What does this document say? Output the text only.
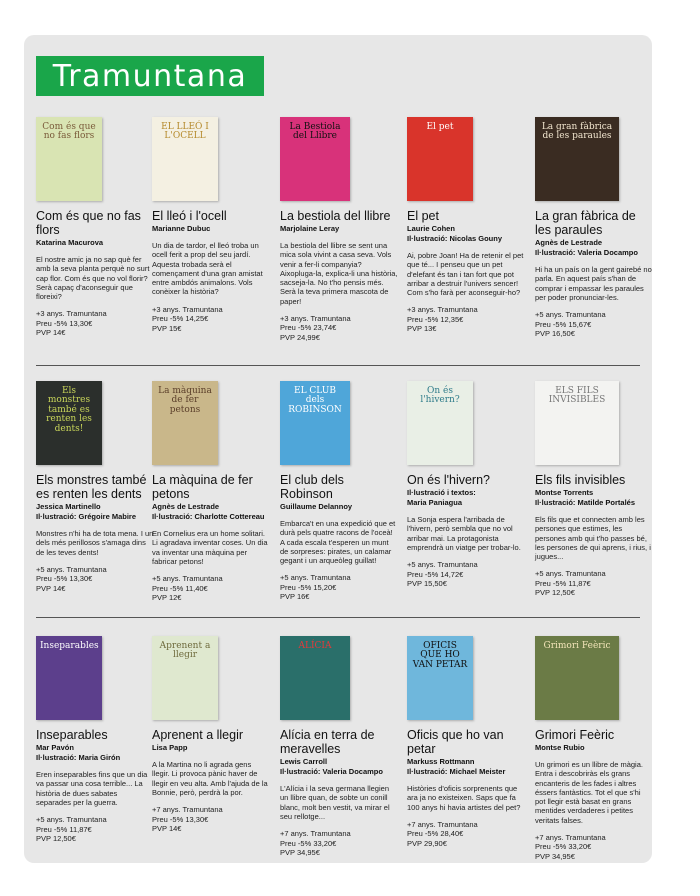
Tramuntana
Com és que no fas flors
Com és que no fas flors
Katarina Macurova
El nostre amic ja no sap què fer amb la seva planta perquè no surt cap flor. Com és que no vol florir? Serà capaç d'aconseguir que floreixi?
+3 anys. Tramuntana
Preu -5% 13,30€
PVP 14€
EL LLEÓ I L'OCELL
El lleó i l'ocell
Marianne Dubuc
Un dia de tardor, el lleó troba un ocell ferit a prop del seu jardí. Aquesta trobada serà el començament d'una gran amistat entre ambdós animalons. Vols conèixer la història?
+3 anys. Tramuntana
Preu -5% 14,25€
PVP 15€
La Bestiola del Llibre
La bestiola del llibre
Marjolaine Leray
La bestiola del llibre se sent una mica sola vivint a casa seva. Vols venir a fer-li companyia? Aixopluga-la, explica-li una història, sacseja-la. No t'ho pensis més. Serà la teva primera mascota de paper!
+3 anys. Tramuntana
Preu -5% 23,74€
PVP 24,99€
El pet
El pet
Laurie Cohen
Il·lustració: Nicolas Gouny
Ai, pobre Joan! Ha de retenir el pet que té... I penseu que un pet d'elefant és tan i tan fort que pot arribar a destruir l'univers sencer! Com s'ho farà per aconseguir-ho?
+3 anys. Tramuntana
Preu -5% 12,35€
PVP 13€
La gran fàbrica de les paraules
La gran fàbrica de les paraules
Agnès de Lestrade
Il·lustració: Valeria Docampo
Hi ha un país on la gent gairebé no parla. En aquest país s'han de comprar i empassar les paraules per poder pronunciar-les.
+5 anys. Tramuntana
Preu -5% 15,67€
PVP 16,50€
Els monstres també es renten les dents!
Els monstres també es renten les dents
Jessica Martinello
Il·lustració: Grégoire Mabire
Monstres n'hi ha de tota mena. I un dels més perillosos s'amaga dins de les teves dents!
+5 anys. Tramuntana
Preu -5% 13,30€
PVP 14€
La màquina de fer petons
La màquina de fer petons
Agnès de Lestrade
Il·lustració: Charlotte Cottereau
En Cornelius era un home solitari. Li agradava inventar coses. Un dia va inventar una màquina per fabricar petons!
+5 anys. Tramuntana
Preu -5% 11,40€
PVP 12€
EL CLUB dels ROBINSON
El club dels Robinson
Guillaume Delannoy
Embarca't en una expedició que et durà pels quatre racons de l'oceà! A cada escala t'esperen un munt de sorpreses: pirates, un calamar gegant i un arqueòleg guillat!
+5 anys. Tramuntana
Preu -5% 15,20€
PVP 16€
On és l'hivern?
On és l'hivern?
Il·lustració i textos:
Maria Paniagua
La Sonja espera l'arribada de l'hivern, però sembla que no vol arribar mai. La protagonista emprendrà un viatge per trobar-lo.
+5 anys. Tramuntana
Preu -5% 14,72€
PVP 15,50€
ELS FILS INVISIBLES
Els fils invisibles
Montse Torrents
Il·lustració: Matilde Portalés
Els fils que et connecten amb les persones que estimes, les persones amb qui t'ho passes bé, les persones de qui aprens, i rius, i jugues...
+5 anys. Tramuntana
Preu -5% 11,87€
PVP 12,50€
Inseparables
Inseparables
Mar Pavón
Il·lustració: Maria Girón
Eren inseparables fins que un dia va passar una cosa terrible... La història de dues sabates separades per la guerra.
+5 anys. Tramuntana
Preu -5% 11,87€
PVP 12,50€
Aprenent a llegir
Aprenent a llegir
Lisa Papp
A la Martina no li agrada gens llegir. Li provoca pànic haver de llegir en veu alta. Amb l'ajuda de la Bonnie, però, perdrà la por.
+7 anys. Tramuntana
Preu -5% 13,30€
PVP 14€
ALÍCIA
Alícia en terra de meravelles
Lewis Carroll
Il·lustració: Valeria Docampo
L'Alícia i la seva germana llegien un llibre quan, de sobte un conill blanc, molt ben vestit, va mirar el seu rellotge...
+7 anys. Tramuntana
Preu -5% 33,20€
PVP 34,95€
OFICIS QUE HO VAN PETAR
Oficis que ho van petar
Markuss Rottmann
Il·lustració: Michael Meister
Històries d'oficis sorprenents que ara ja no existeixen. Saps que fa 100 anys hi havia artistes del pet?
+7 anys. Tramuntana
Preu -5% 28,40€
PVP 29,90€
Grimori Feèric
Grimori Feèric
Montse Rubio
Un grimori es un llibre de màgia. Entra i descobriràs els grans encanteris de les fades i altres éssers fantàstics. Tot el que s'hi pot llegir està basat en grans mentides verdaderes i petites veritats falses.
+7 anys. Tramuntana
Preu -5% 33,20€
PVP 34,95€
